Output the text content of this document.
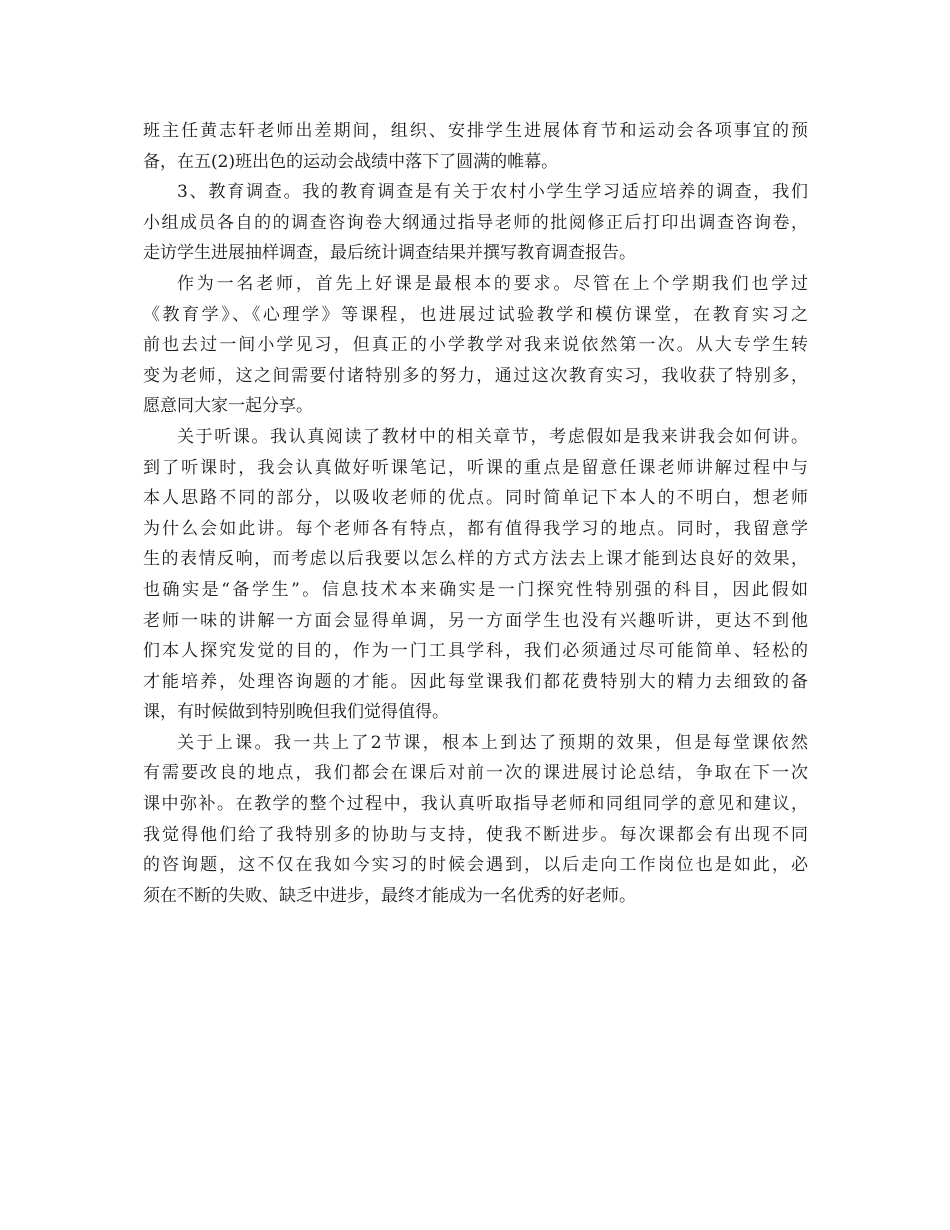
班主任黄志轩老师出差期间，组织、安排学生进展体育节和运动会各项事宜的预
备，在五(2)班出色的运动会战绩中落下了圆满的帷幕。
3、教育调查。我的教育调查是有关于农村小学生学习适应培养的调查，我们
小组成员各自的的调查咨询卷大纲通过指导老师的批阅修正后打印出调查咨询卷，
走访学生进展抽样调查，最后统计调查结果并撰写教育调查报告。
作为一名老师，首先上好课是最根本的要求。尽管在上个学期我们也学过
《教育学》、《心理学》等课程，也进展过试验教学和模仿课堂，在教育实习之
前也去过一间小学见习，但真正的小学教学对我来说依然第一次。从大专学生转
变为老师，这之间需要付诸特别多的努力，通过这次教育实习，我收获了特别多，
愿意同大家一起分享。
关于听课。我认真阅读了教材中的相关章节，考虑假如是我来讲我会如何讲。
到了听课时，我会认真做好听课笔记，听课的重点是留意任课老师讲解过程中与
本人思路不同的部分，以吸收老师的优点。同时简单记下本人的不明白，想老师
为什么会如此讲。每个老师各有特点，都有值得我学习的地点。同时，我留意学
生的表情反响，而考虑以后我要以怎么样的方式方法去上课才能到达良好的效果，
也确实是“备学生”。信息技术本来确实是一门探究性特别强的科目，因此假如
老师一味的讲解一方面会显得单调，另一方面学生也没有兴趣听讲，更达不到他
们本人探究发觉的目的，作为一门工具学科，我们必须通过尽可能简单、轻松的
才能培养，处理咨询题的才能。因此每堂课我们都花费特别大的精力去细致的备
课，有时候做到特别晚但我们觉得值得。
关于上课。我一共上了2节课，根本上到达了预期的效果，但是每堂课依然
有需要改良的地点，我们都会在课后对前一次的课进展讨论总结，争取在下一次
课中弥补。在教学的整个过程中，我认真听取指导老师和同组同学的意见和建议，
我觉得他们给了我特别多的协助与支持，使我不断进步。每次课都会有出现不同
的咨询题，这不仅在我如今实习的时候会遇到，以后走向工作岗位也是如此，必
须在不断的失败、缺乏中进步，最终才能成为一名优秀的好老师。
